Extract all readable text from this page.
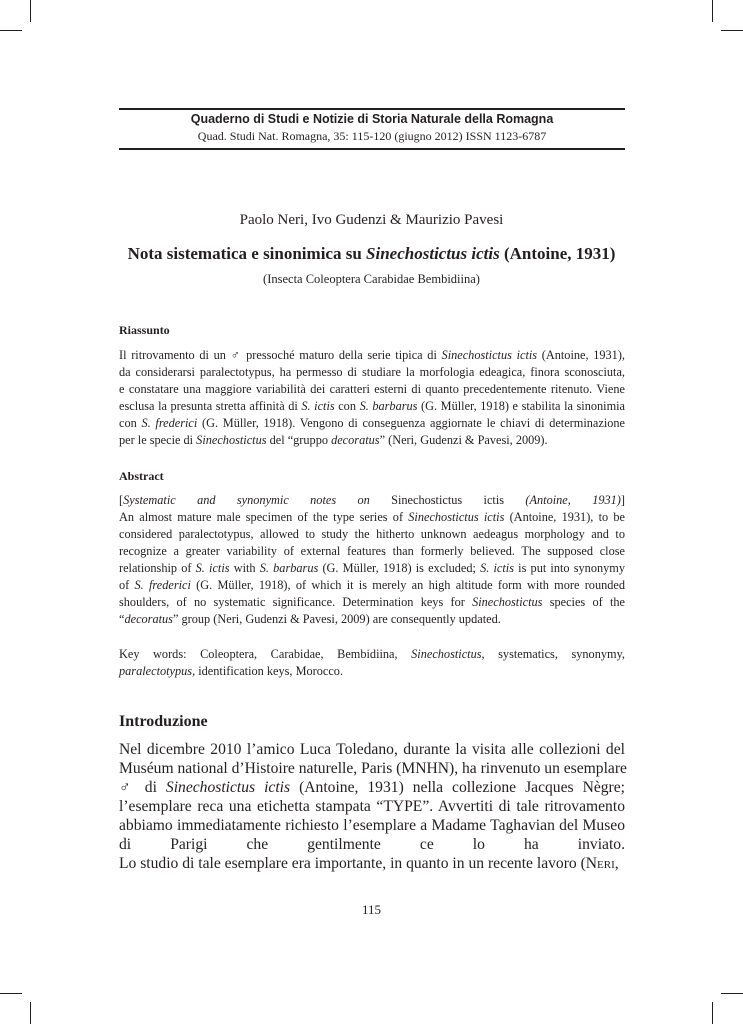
Quaderno di Studi e Notizie di Storia Naturale della Romagna
Quad. Studi Nat. Romagna, 35: 115-120 (giugno 2012) ISSN 1123-6787
Paolo Neri, Ivo Gudenzi & Maurizio Pavesi
Nota sistematica e sinonimica su Sinechostictus ictis (Antoine, 1931)
(Insecta Coleoptera Carabidae Bembidiina)
Riassunto
Il ritrovamento di un ♂ pressoché maturo della serie tipica di Sinechostictus ictis (Antoine, 1931),
da considerarsi paralectotypus, ha permesso di studiare la morfologia edeagica, finora sconosciuta,
e constatare una maggiore variabilità dei caratteri esterni di quanto precedentemente ritenuto. Viene
esclusa la presunta stretta affinità di S. ictis con S. barbarus (G. Müller, 1918) e stabilita la sinonimia
con S. frederici (G. Müller, 1918). Vengono di conseguenza aggiornate le chiavi di determinazione
per le specie di Sinechostictus del “gruppo decoratus” (Neri, Gudenzi & Pavesi, 2009).
Abstract
[Systematic and synonymic notes on Sinechostictus ictis (Antoine, 1931)]
An almost mature male specimen of the type series of Sinechostictus ictis (Antoine, 1931), to be
considered paralectotypus, allowed to study the hitherto unknown aedeagus morphology and to
recognize a greater variability of external features than formerly believed. The supposed close
relationship of S. ictis with S. barbarus (G. Müller, 1918) is excluded; S. ictis is put into synonymy
of S. frederici (G. Müller, 1918), of which it is merely an high altitude form with more rounded
shoulders, of no systematic significance. Determination keys for Sinechostictus species of the
“decoratus” group (Neri, Gudenzi & Pavesi, 2009) are consequently updated.
Key words: Coleoptera, Carabidae, Bembidiina, Sinechostictus, systematics, synonymy,
paralectotypus, identification keys, Morocco.
Introduzione
Nel dicembre 2010 l’amico Luca Toledano, durante la visita alle collezioni del
Muséum national d’Histoire naturelle, Paris (MNHN), ha rinvenuto un esemplare
♂ di Sinechostictus ictis (Antoine, 1931) nella collezione Jacques Nègre;
l’esemplare reca una etichetta stampata “TYPE”. Avvertiti di tale ritrovamento
abbiamo immediatamente richiesto l’esemplare a Madame Taghavian del Museo
di Parigi che gentilmente ce lo ha inviato.
Lo studio di tale esemplare era importante, in quanto in un recente lavoro (Neri,
115
